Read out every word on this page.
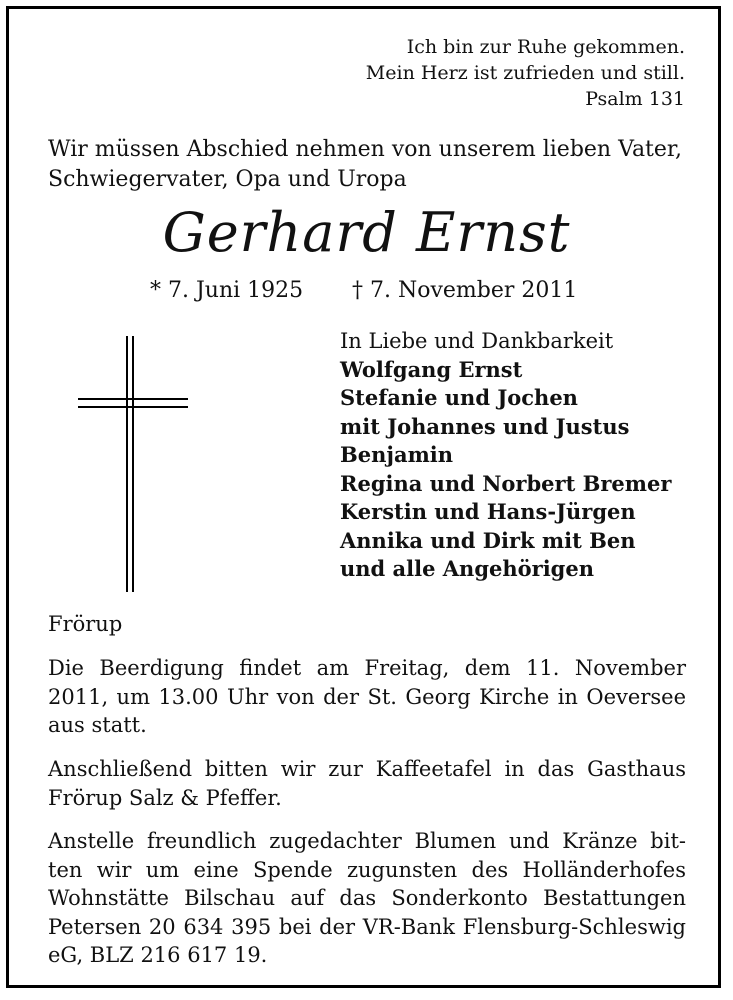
Ich bin zur Ruhe gekommen.
Mein Herz ist zufrieden und still.
Psalm 131
Wir müssen Abschied nehmen von unserem lieben Vater,
Schwiegervater, Opa und Uropa
Gerhard Ernst
* 7. Juni 1925 † 7. November 2011
In Liebe und Dankbarkeit
Wolfgang Ernst
Stefanie und Jochen
mit Johannes und Justus
Benjamin
Regina und Norbert Bremer
Kerstin und Hans-Jürgen
Annika und Dirk mit Ben
und alle Angehörigen
Frörup
Die Beerdigung findet am Freitag, dem 11. November
2011, um 13.00 Uhr von der St. Georg Kirche in Oeversee
aus statt.
Anschließend bitten wir zur Kaffeetafel in das Gasthaus
Frörup Salz & Pfeffer.
Anstelle freundlich zugedachter Blumen und Kränze bit-
ten wir um eine Spende zugunsten des Holländerhofes
Wohnstätte Bilschau auf das Sonderkonto Bestattungen
Petersen 20 634 395 bei der VR-Bank Flensburg-Schleswig
eG, BLZ 216 617 19.
